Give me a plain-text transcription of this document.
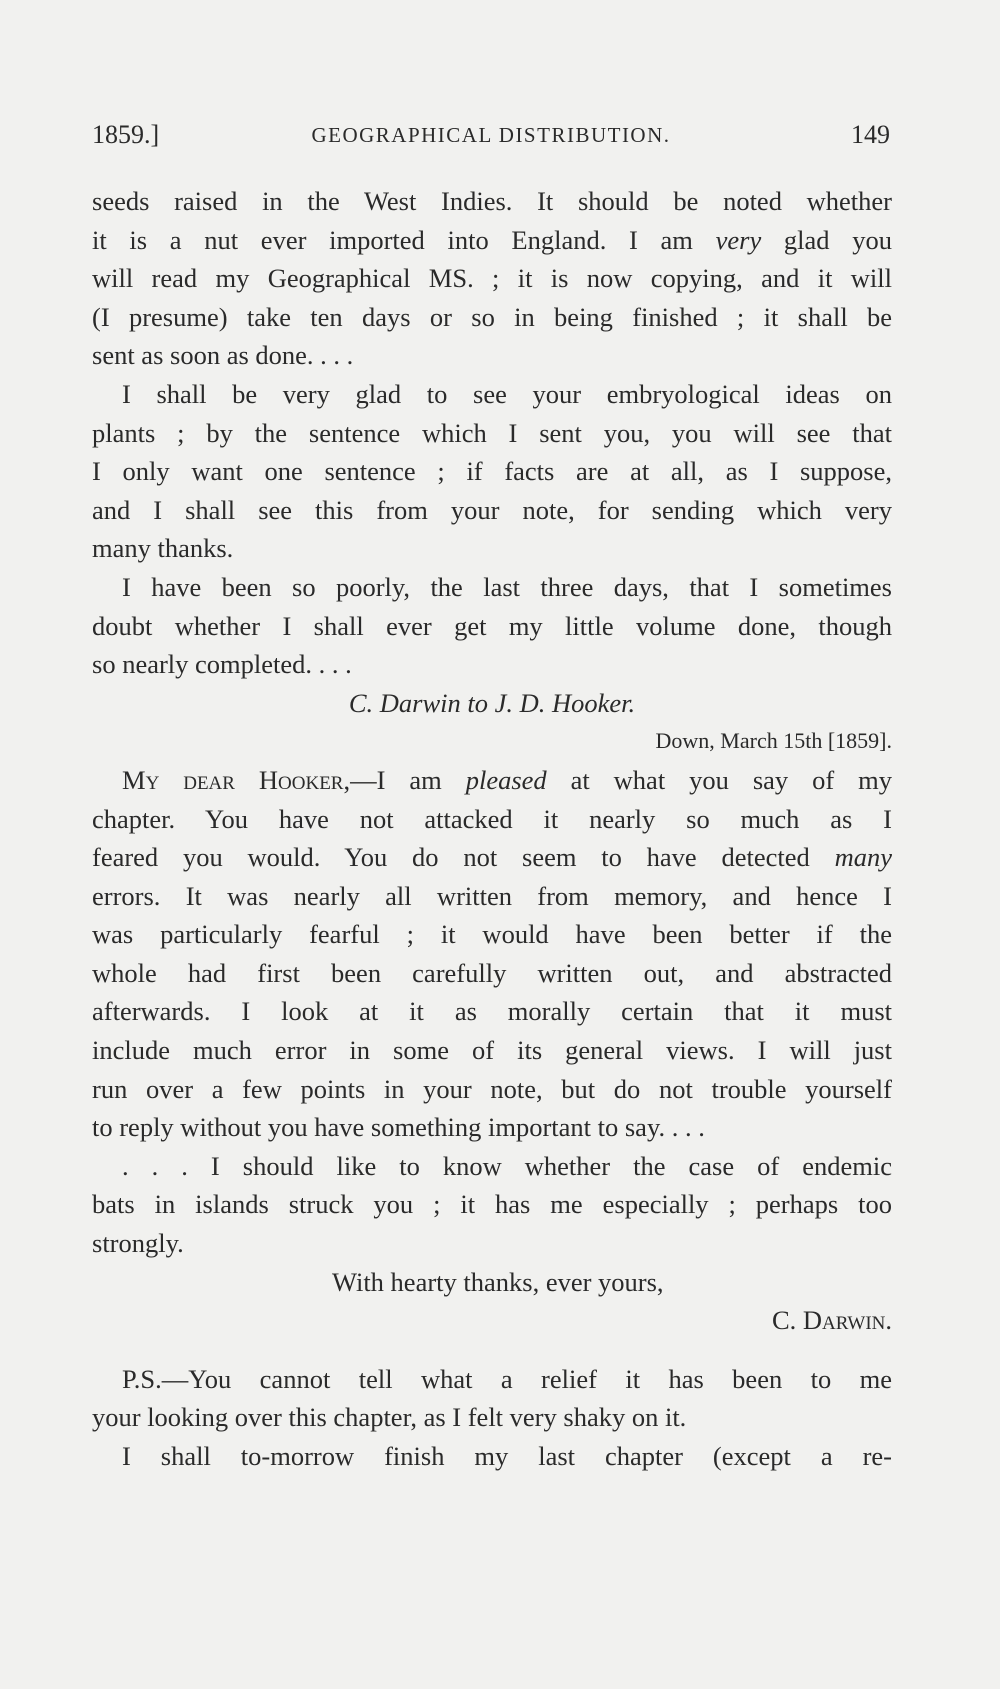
1859.]	GEOGRAPHICAL DISTRIBUTION.	149
seeds raised in the West Indies. It should be noted whether
it is a nut ever imported into England. I am very glad you
will read my Geographical MS. ; it is now copying, and it will
(I presume) take ten days or so in being finished ; it shall be
sent as soon as done. . . .
I shall be very glad to see your embryological ideas on
plants ; by the sentence which I sent you, you will see that
I only want one sentence ; if facts are at all, as I suppose,
and I shall see this from your note, for sending which very
many thanks.
I have been so poorly, the last three days, that I sometimes
doubt whether I shall ever get my little volume done, though
so nearly completed. . . .
C. Darwin to J. D. Hooker.
Down, March 15th [1859].
My dear Hooker,—I am pleased at what you say of my
chapter. You have not attacked it nearly so much as I
feared you would. You do not seem to have detected many
errors. It was nearly all written from memory, and hence I
was particularly fearful ; it would have been better if the
whole had first been carefully written out, and abstracted
afterwards. I look at it as morally certain that it must
include much error in some of its general views. I will just
run over a few points in your note, but do not trouble yourself
to reply without you have something important to say. . . .
. . . I should like to know whether the case of endemic
bats in islands struck you ; it has me especially ; perhaps too
strongly.
With hearty thanks, ever yours,
C. Darwin.
P.S.—You cannot tell what a relief it has been to me
your looking over this chapter, as I felt very shaky on it.
I shall to-morrow finish my last chapter (except a re-
